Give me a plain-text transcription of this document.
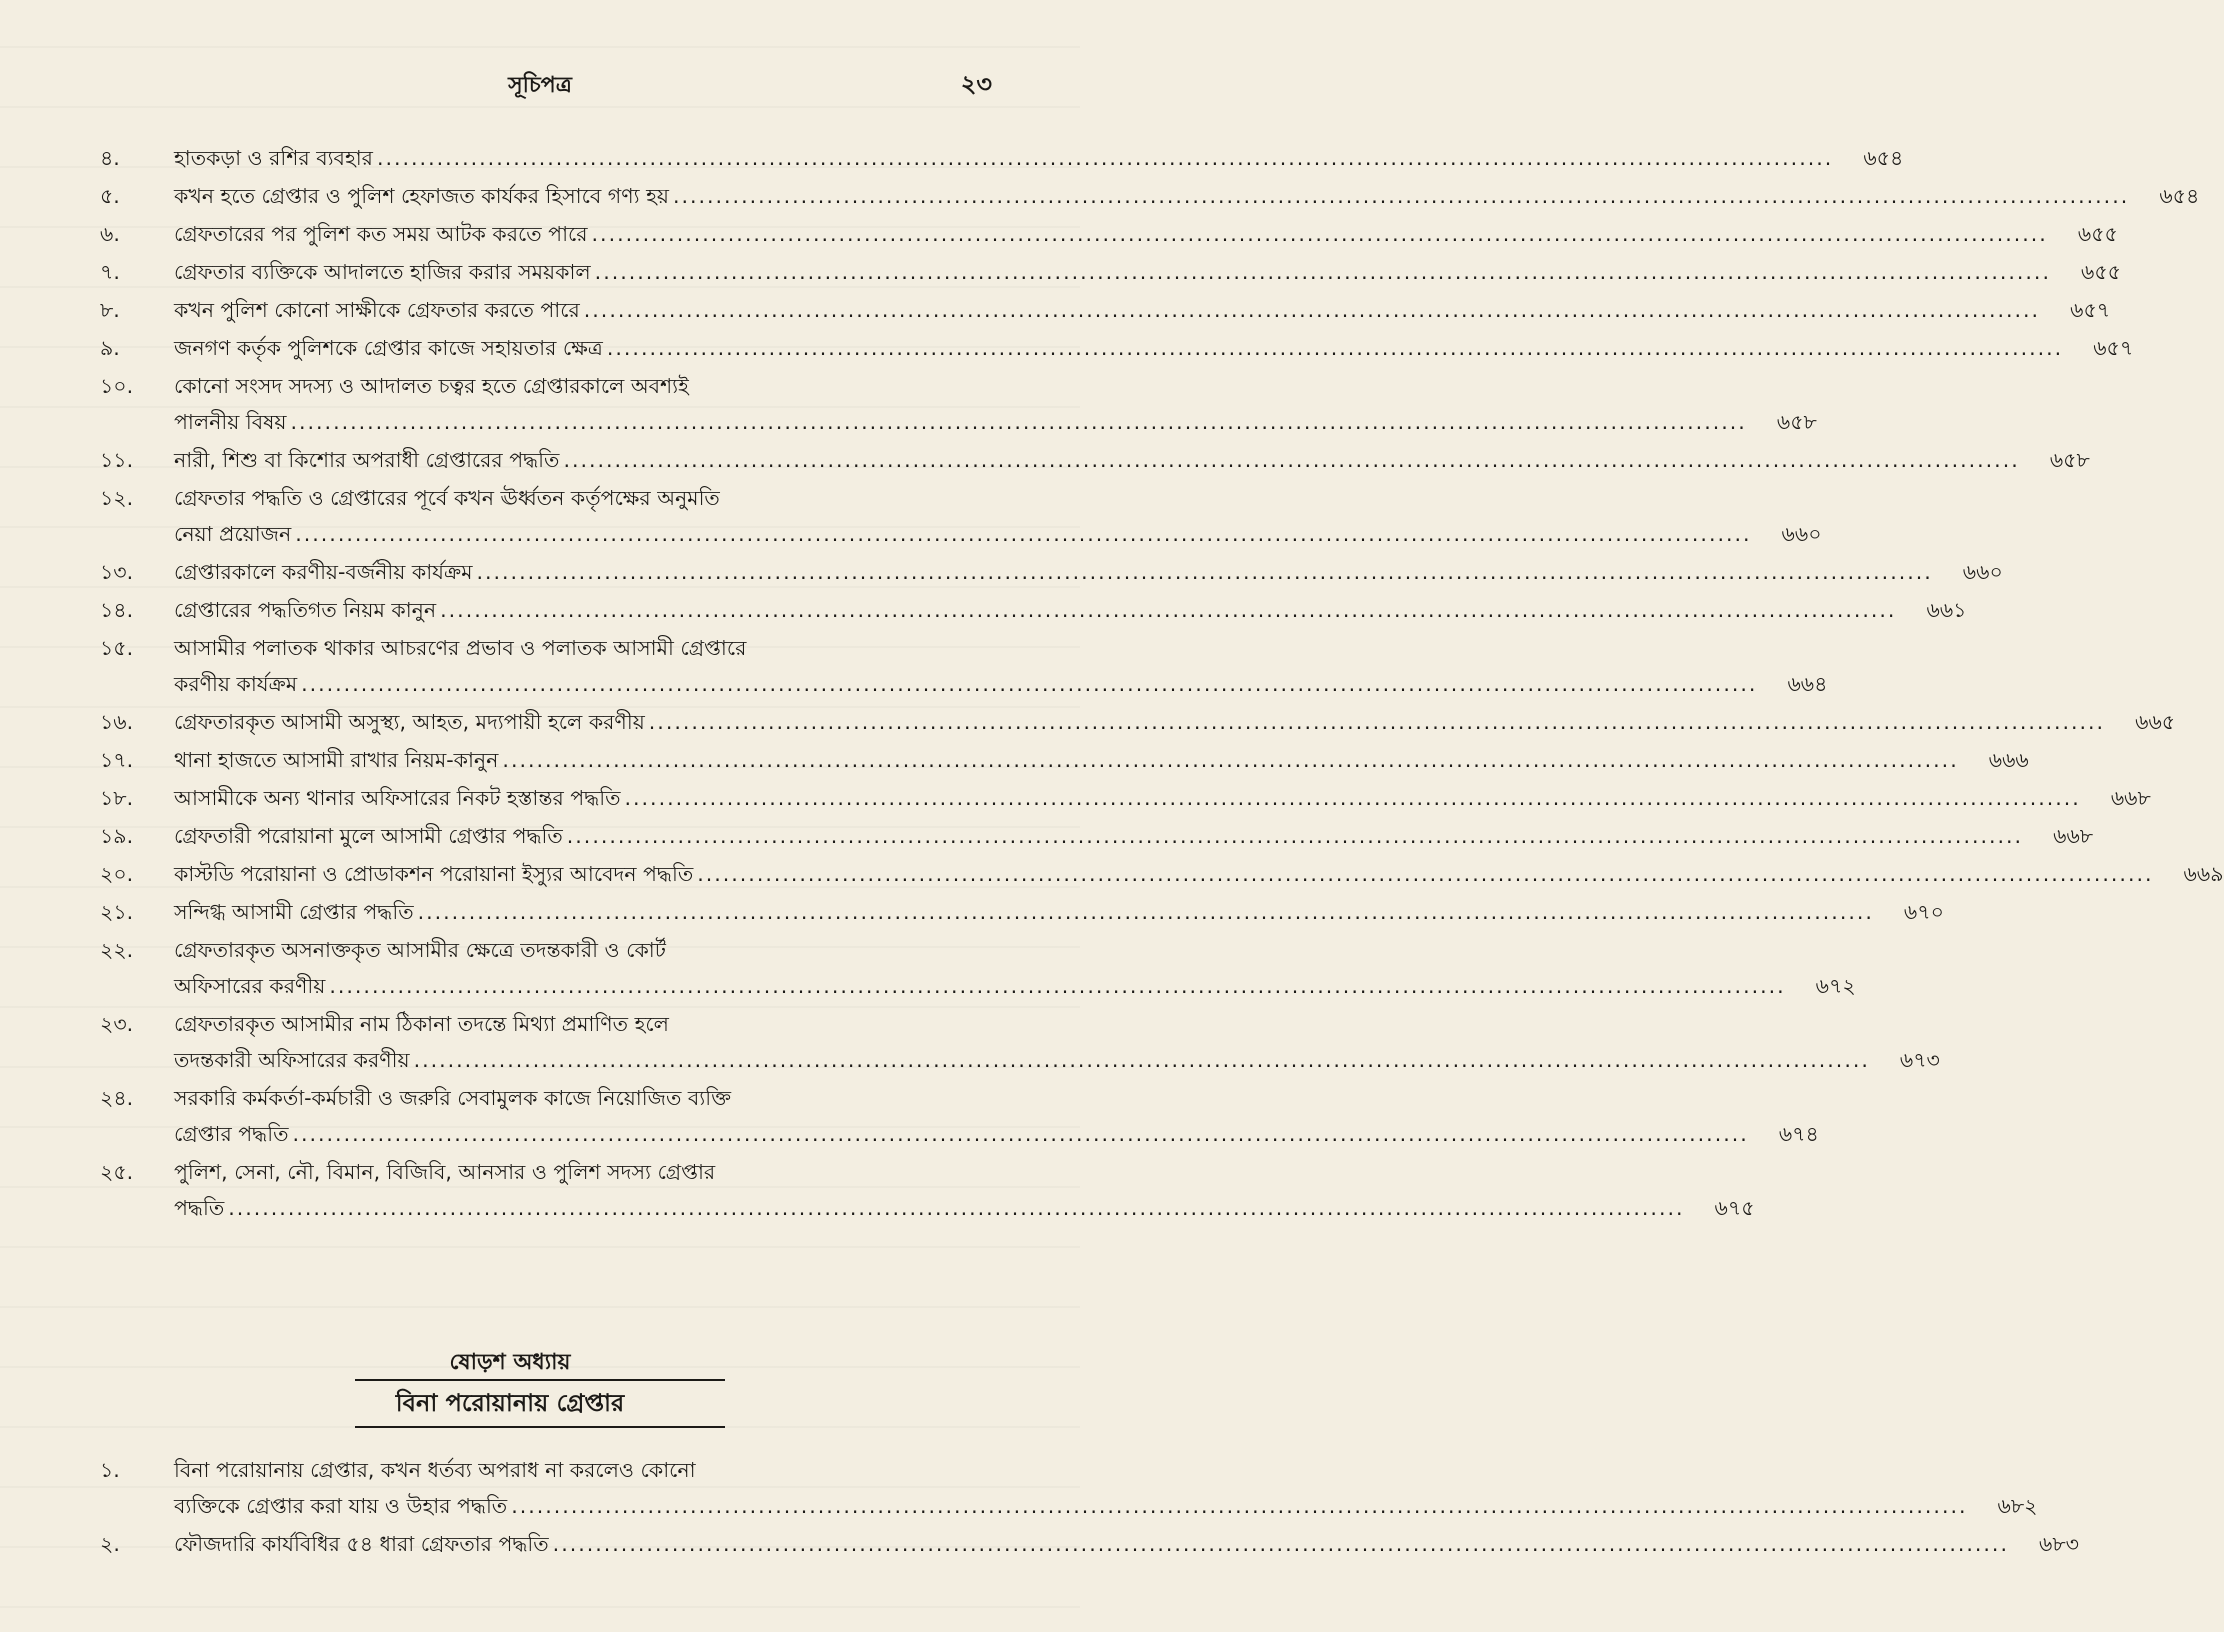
সূচিপত্র	২৩
৪.	হাতকড়া ও রশির ব্যবহার .....	৬৫৪
৫.	কখন হতে গ্রেপ্তার ও পুলিশ হেফাজত কার্যকর হিসাবে গণ্য হয় .....	৬৫৪
৬.	গ্রেফতারের পর পুলিশ কত সময় আটক করতে পারে .....	৬৫৫
৭.	গ্রেফতার ব্যক্তিকে আদালতে হাজির করার সময়কাল .....	৬৫৫
৮.	কখন পুলিশ কোনো সাক্ষীকে গ্রেফতার করতে পারে .....	৬৫৭
৯.	জনগণ কর্তৃক পুলিশকে গ্রেপ্তার কাজে সহায়তার ক্ষেত্র .....	৬৫৭
১০.	কোনো সংসদ সদস্য ও আদালত চত্বর হতে গ্রেপ্তারকালে অবশ্যই
পালনীয় বিষয় .....	৬৫৮
১১.	নারী, শিশু বা কিশোর অপরাধী গ্রেপ্তারের পদ্ধতি .....	৬৫৮
১২.	গ্রেফতার পদ্ধতি ও গ্রেপ্তারের পূর্বে কখন ঊর্ধ্বতন কর্তৃপক্ষের অনুমতি
নেয়া প্রয়োজন .....	৬৬০
১৩.	গ্রেপ্তারকালে করণীয়-বর্জনীয় কার্যক্রম .....	৬৬০
১৪.	গ্রেপ্তারের পদ্ধতিগত নিয়ম কানুন .....	৬৬১
১৫.	আসামীর পলাতক থাকার আচরণের প্রভাব ও পলাতক আসামী গ্রেপ্তারে
করণীয় কার্যক্রম .....	৬৬৪
১৬.	গ্রেফতারকৃত আসামী অসুস্থ্য, আহত, মদ্যপায়ী হলে করণীয় .....	৬৬৫
১৭.	থানা হাজতে আসামী রাখার নিয়ম-কানুন .....	৬৬৬
১৮.	আসামীকে অন্য থানার অফিসারের নিকট হস্তান্তর পদ্ধতি .....	৬৬৮
১৯.	গ্রেফতারী পরোয়ানা মুলে আসামী গ্রেপ্তার পদ্ধতি .....	৬৬৮
২০.	কাস্টডি পরোয়ানা ও প্রোডাকশন পরোয়ানা ইস্যুর আবেদন পদ্ধতি .....	৬৬৯
২১.	সন্দিগ্ধ আসামী গ্রেপ্তার পদ্ধতি .....	৬৭০
২২.	গ্রেফতারকৃত অসনাক্তকৃত আসামীর ক্ষেত্রে তদন্তকারী ও কোর্ট
অফিসারের করণীয় .....	৬৭২
২৩.	গ্রেফতারকৃত আসামীর নাম ঠিকানা তদন্তে মিথ্যা প্রমাণিত হলে
তদন্তকারী অফিসারের করণীয় .....	৬৭৩
২৪.	সরকারি কর্মকর্তা-কর্মচারী ও জরুরি সেবামুলক কাজে নিয়োজিত ব্যক্তি
গ্রেপ্তার পদ্ধতি .....	৬৭৪
২৫.	পুলিশ, সেনা, নৌ, বিমান, বিজিবি, আনসার ও পুলিশ সদস্য গ্রেপ্তার
পদ্ধতি .....	৬৭৫
ষোড়শ অধ্যায়
বিনা পরোয়ানায় গ্রেপ্তার
১.	বিনা পরোয়ানায় গ্রেপ্তার, কখন ধর্তব্য অপরাধ না করলেও কোনো
ব্যক্তিকে গ্রেপ্তার করা যায় ও উহার পদ্ধতি .....	৬৮২
২.	ফৌজদারি কার্যবিধির ৫৪ ধারা গ্রেফতার পদ্ধতি .....	৬৮৩
